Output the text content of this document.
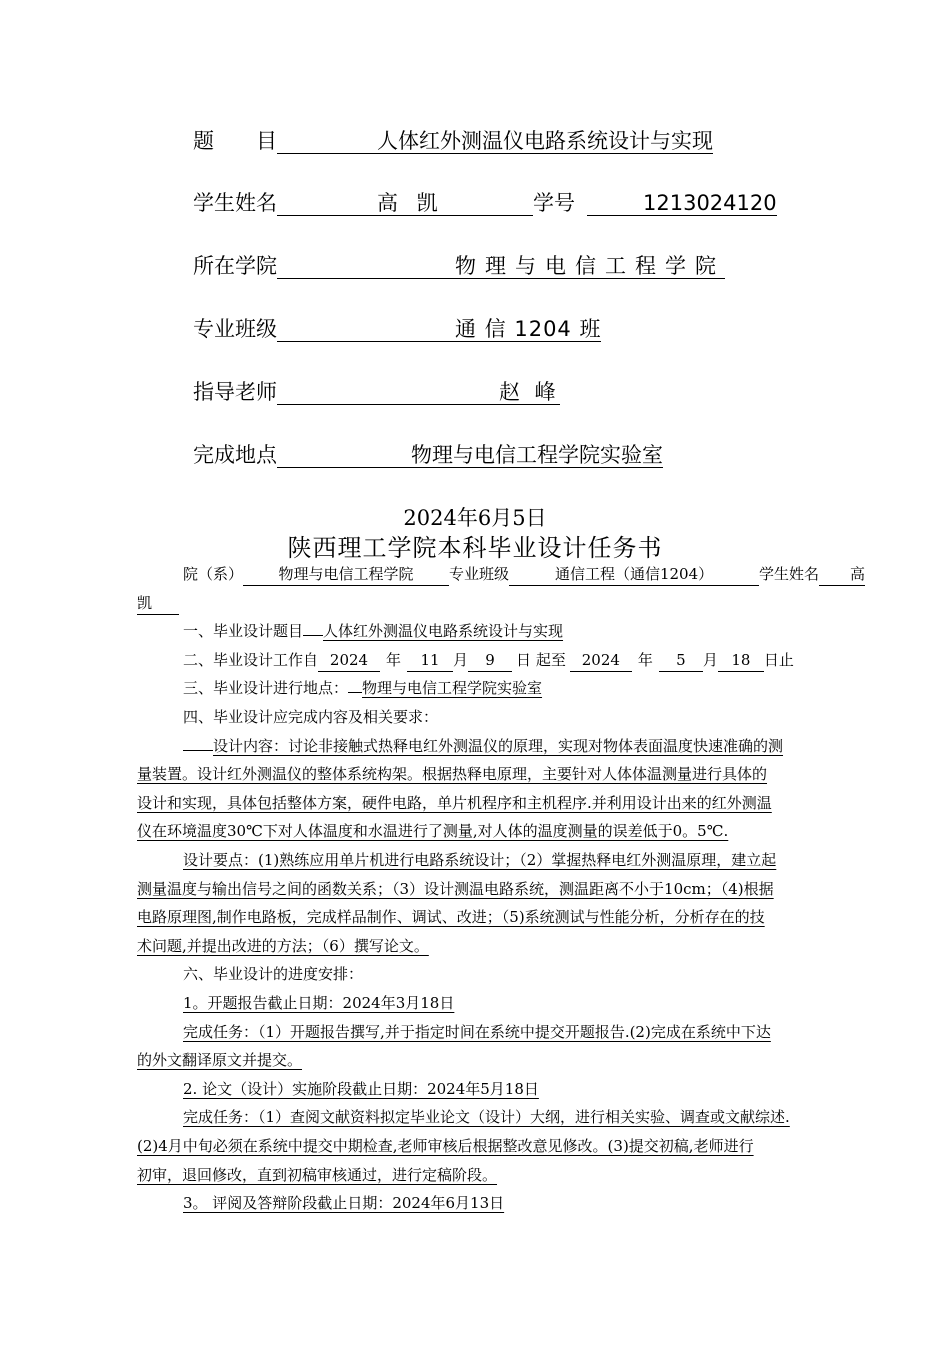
题　　目	人体红外测温仪电路系统设计与实现
学生姓名	高 凯	学号	1213024120
所在学院	物理与电信工程学院
专业班级	通 信 1204 班
指导老师	赵 峰
完成地点	物理与电信工程学院实验室
2024年6月5日
陕西理工学院本科毕业设计任务书
院（系） 物理与电信工程学院 专业班级	通信工程（通信1204）	学生姓名 高
凯
一、毕业设计题目 人体红外测温仪电路系统设计与实现
二、毕业设计工作自 2024 年 11 月 9 日 起至 2024 年 5 月 18 日止
三、毕业设计进行地点： 物理与电信工程学院实验室
四、毕业设计应完成内容及相关要求：
设计内容：讨论非接触式热释电红外测温仪的原理，实现对物体表面温度快速准确的测
量装置。设计红外测温仪的整体系统构架。根据热释电原理，主要针对人体体温测量进行具体的
设计和实现，具体包括整体方案，硬件电路，单片机程序和主机程序.并利用设计出来的红外测温
仪在环境温度30℃下对人体温度和水温进行了测量,对人体的温度测量的误差低于0。5℃.
设计要点：(1)熟练应用单片机进行电路系统设计；（2）掌握热释电红外测温原理，建立起
测量温度与输出信号之间的函数关系；（3）设计测温电路系统，测温距离不小于10cm；（4)根据
电路原理图,制作电路板，完成样品制作、调试、改进；（5)系统测试与性能分析，分析存在的技
术问题,并提出改进的方法；（6）撰写论文。
六、毕业设计的进度安排：
1。开题报告截止日期：2024年3月18日
完成任务：（1）开题报告撰写,并于指定时间在系统中提交开题报告.(2)完成在系统中下达
的外文翻译原文并提交。
2. 论文（设计）实施阶段截止日期：2024年5月18日
完成任务：（1）查阅文献资料拟定毕业论文（设计）大纲，进行相关实验、调查或文献综述.
(2)4月中旬必须在系统中提交中期检查,老师审核后根据整改意见修改。(3)提交初稿,老师进行
初审，退回修改，直到初稿审核通过，进行定稿阶段。
3。 评阅及答辩阶段截止日期：2024年6月13日
